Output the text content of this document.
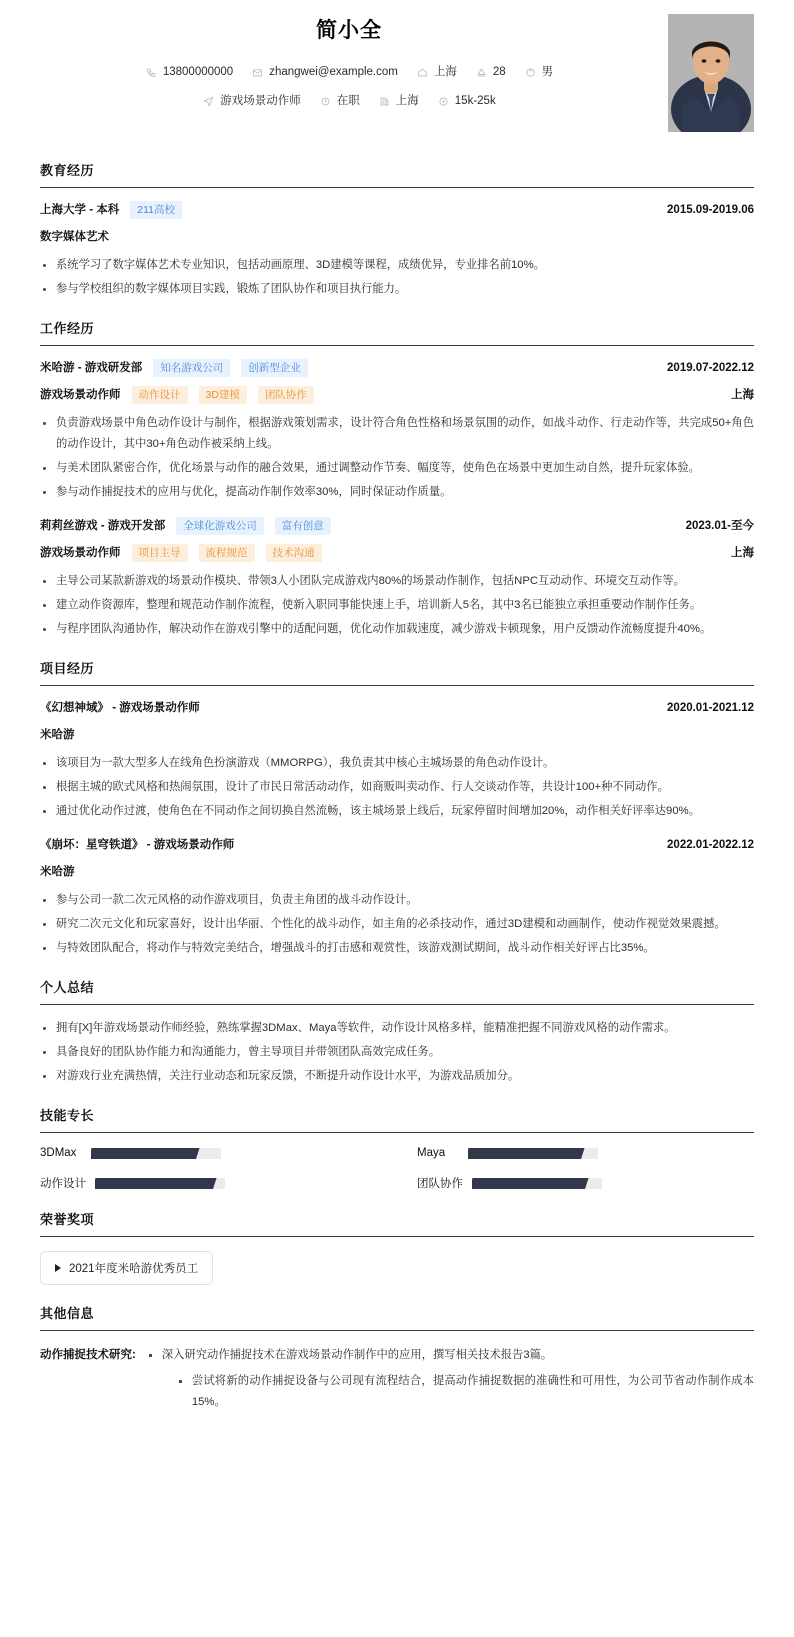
简小全
13800000000	zhangwei@example.com	上海	28	男
游戏场景动作师	在职	上海	15k-25k
教育经历
上海大学 - 本科	211高校	2015.09-2019.06
数字媒体艺术
系统学习了数字媒体艺术专业知识，包括动画原理、3D建模等课程，成绩优异，专业排名前10%。
参与学校组织的数字媒体项目实践，锻炼了团队协作和项目执行能力。
工作经历
米哈游 - 游戏研发部	知名游戏公司	创新型企业	2019.07-2022.12
游戏场景动作师	动作设计	3D建模	团队协作	上海
负责游戏场景中角色动作设计与制作，根据游戏策划需求，设计符合角色性格和场景氛围的动作，如战斗动作、行走动作等，共完成50+角色的动作设计，其中30+角色动作被采纳上线。
与美术团队紧密合作，优化场景与动作的融合效果，通过调整动作节奏、幅度等，使角色在场景中更加生动自然，提升玩家体验。
参与动作捕捉技术的应用与优化，提高动作制作效率30%，同时保证动作质量。
莉莉丝游戏 - 游戏开发部	全球化游戏公司	富有创意	2023.01-至今
游戏场景动作师	项目主导	流程规范	技术沟通	上海
主导公司某款新游戏的场景动作模块、带领3人小团队完成游戏内80%的场景动作制作，包括NPC互动动作、环境交互动作等。
建立动作资源库，整理和规范动作制作流程，使新入职同事能快速上手，培训新人5名，其中3名已能独立承担重要动作制作任务。
与程序团队沟通协作，解决动作在游戏引擎中的适配问题，优化动作加载速度，减少游戏卡顿现象，用户反馈动作流畅度提升40%。
项目经历
《幻想神域》 - 游戏场景动作师	2020.01-2021.12
米哈游
该项目为一款大型多人在线角色扮演游戏（MMORPG），我负责其中核心主城场景的角色动作设计。
根据主城的欧式风格和热闹氛围，设计了市民日常活动动作，如商贩叫卖动作、行人交谈动作等，共设计100+种不同动作。
通过优化动作过渡，使角色在不同动作之间切换自然流畅，该主城场景上线后，玩家停留时间增加20%，动作相关好评率达90%。
《崩坏：星穹铁道》 - 游戏场景动作师	2022.01-2022.12
米哈游
参与公司一款二次元风格的动作游戏项目，负责主角团的战斗动作设计。
研究二次元文化和玩家喜好，设计出华丽、个性化的战斗动作，如主角的必杀技动作，通过3D建模和动画制作，使动作视觉效果震撼。
与特效团队配合，将动作与特效完美结合，增强战斗的打击感和观赏性，该游戏测试期间，战斗动作相关好评占比35%。
个人总结
拥有[X]年游戏场景动作师经验，熟练掌握3DMax、Maya等软件，动作设计风格多样，能精准把握不同游戏风格的动作需求。
具备良好的团队协作能力和沟通能力，曾主导项目并带领团队高效完成任务。
对游戏行业充满热情，关注行业动态和玩家反馈，不断提升动作设计水平，为游戏品质加分。
技能专长
3DMax	Maya
动作设计	团队协作
荣誉奖项
2021年度米哈游优秀员工
其他信息
动作捕捉技术研究:	深入研究动作捕捉技术在游戏场景动作制作中的应用，撰写相关技术报告3篇。
尝试将新的动作捕捉设备与公司现有流程结合，提高动作捕捉数据的准确性和可用性，为公司节省动作制作成本15%。
